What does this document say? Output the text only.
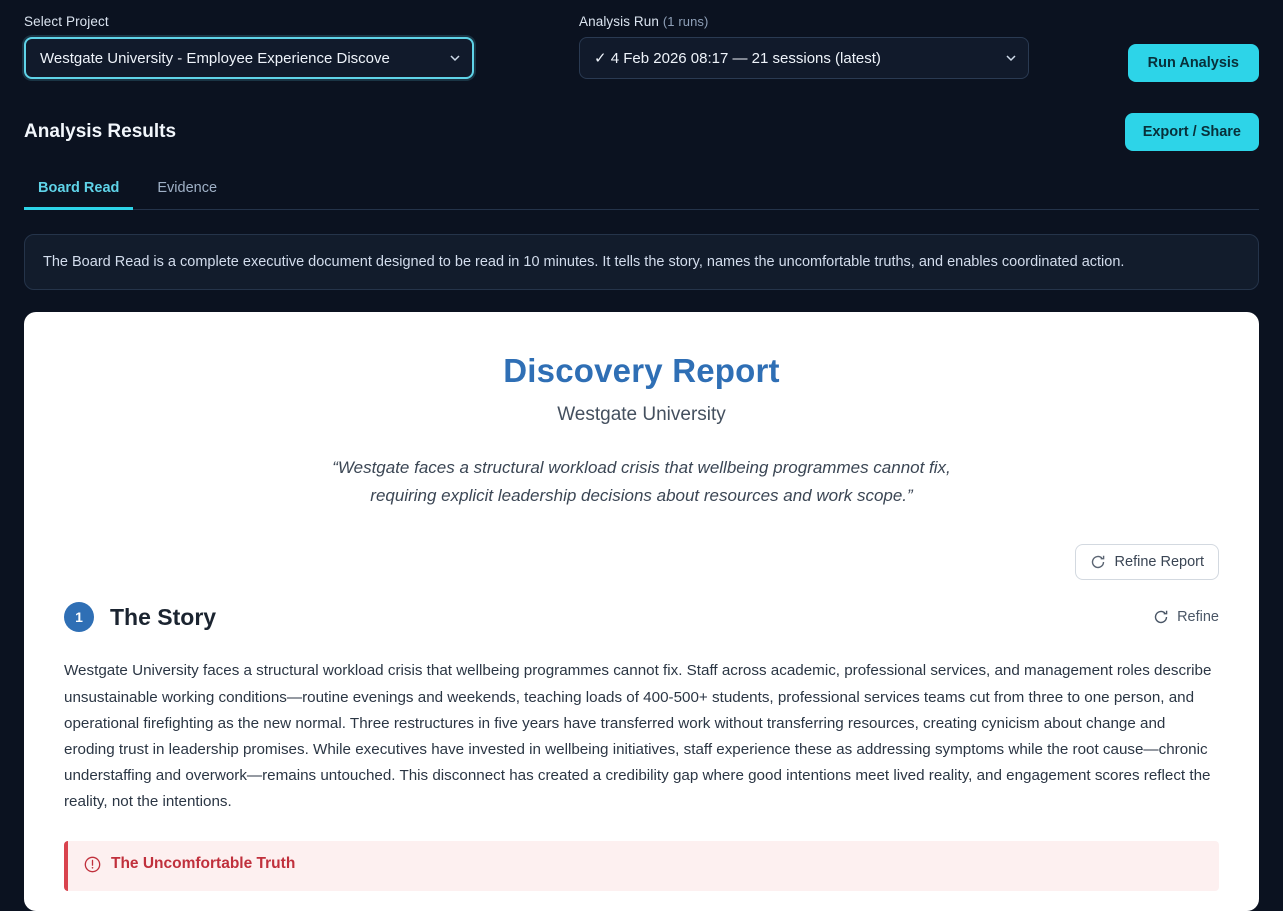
Select Project
Westgate University - Employee Experience Discove
Analysis Run (1 runs)
✓ 4 Feb 2026 08:17 — 21 sessions (latest)	Run Analysis
Analysis Results	Export / Share
Board Read	Evidence
The Board Read is a complete executive document designed to be read in 10 minutes. It tells the story, names the uncomfortable truths, and enables coordinated action.
Discovery Report
Westgate University
“Westgate faces a structural workload crisis that wellbeing programmes cannot fix,
requiring explicit leadership decisions about resources and work scope.”
Refine Report
1	The Story	Refine
Westgate University faces a structural workload crisis that wellbeing programmes cannot fix. Staff across academic, professional services, and management roles describe unsustainable working conditions—routine evenings and weekends, teaching loads of 400-500+ students, professional services teams cut from three to one person, and operational firefighting as the new normal. Three restructures in five years have transferred work without transferring resources, creating cynicism about change and eroding trust in leadership promises. While executives have invested in wellbeing initiatives, staff experience these as addressing symptoms while the root cause—chronic understaffing and overwork—remains untouched. This disconnect has created a credibility gap where good intentions meet lived reality, and engagement scores reflect the reality, not the intentions.
The Uncomfortable Truth
